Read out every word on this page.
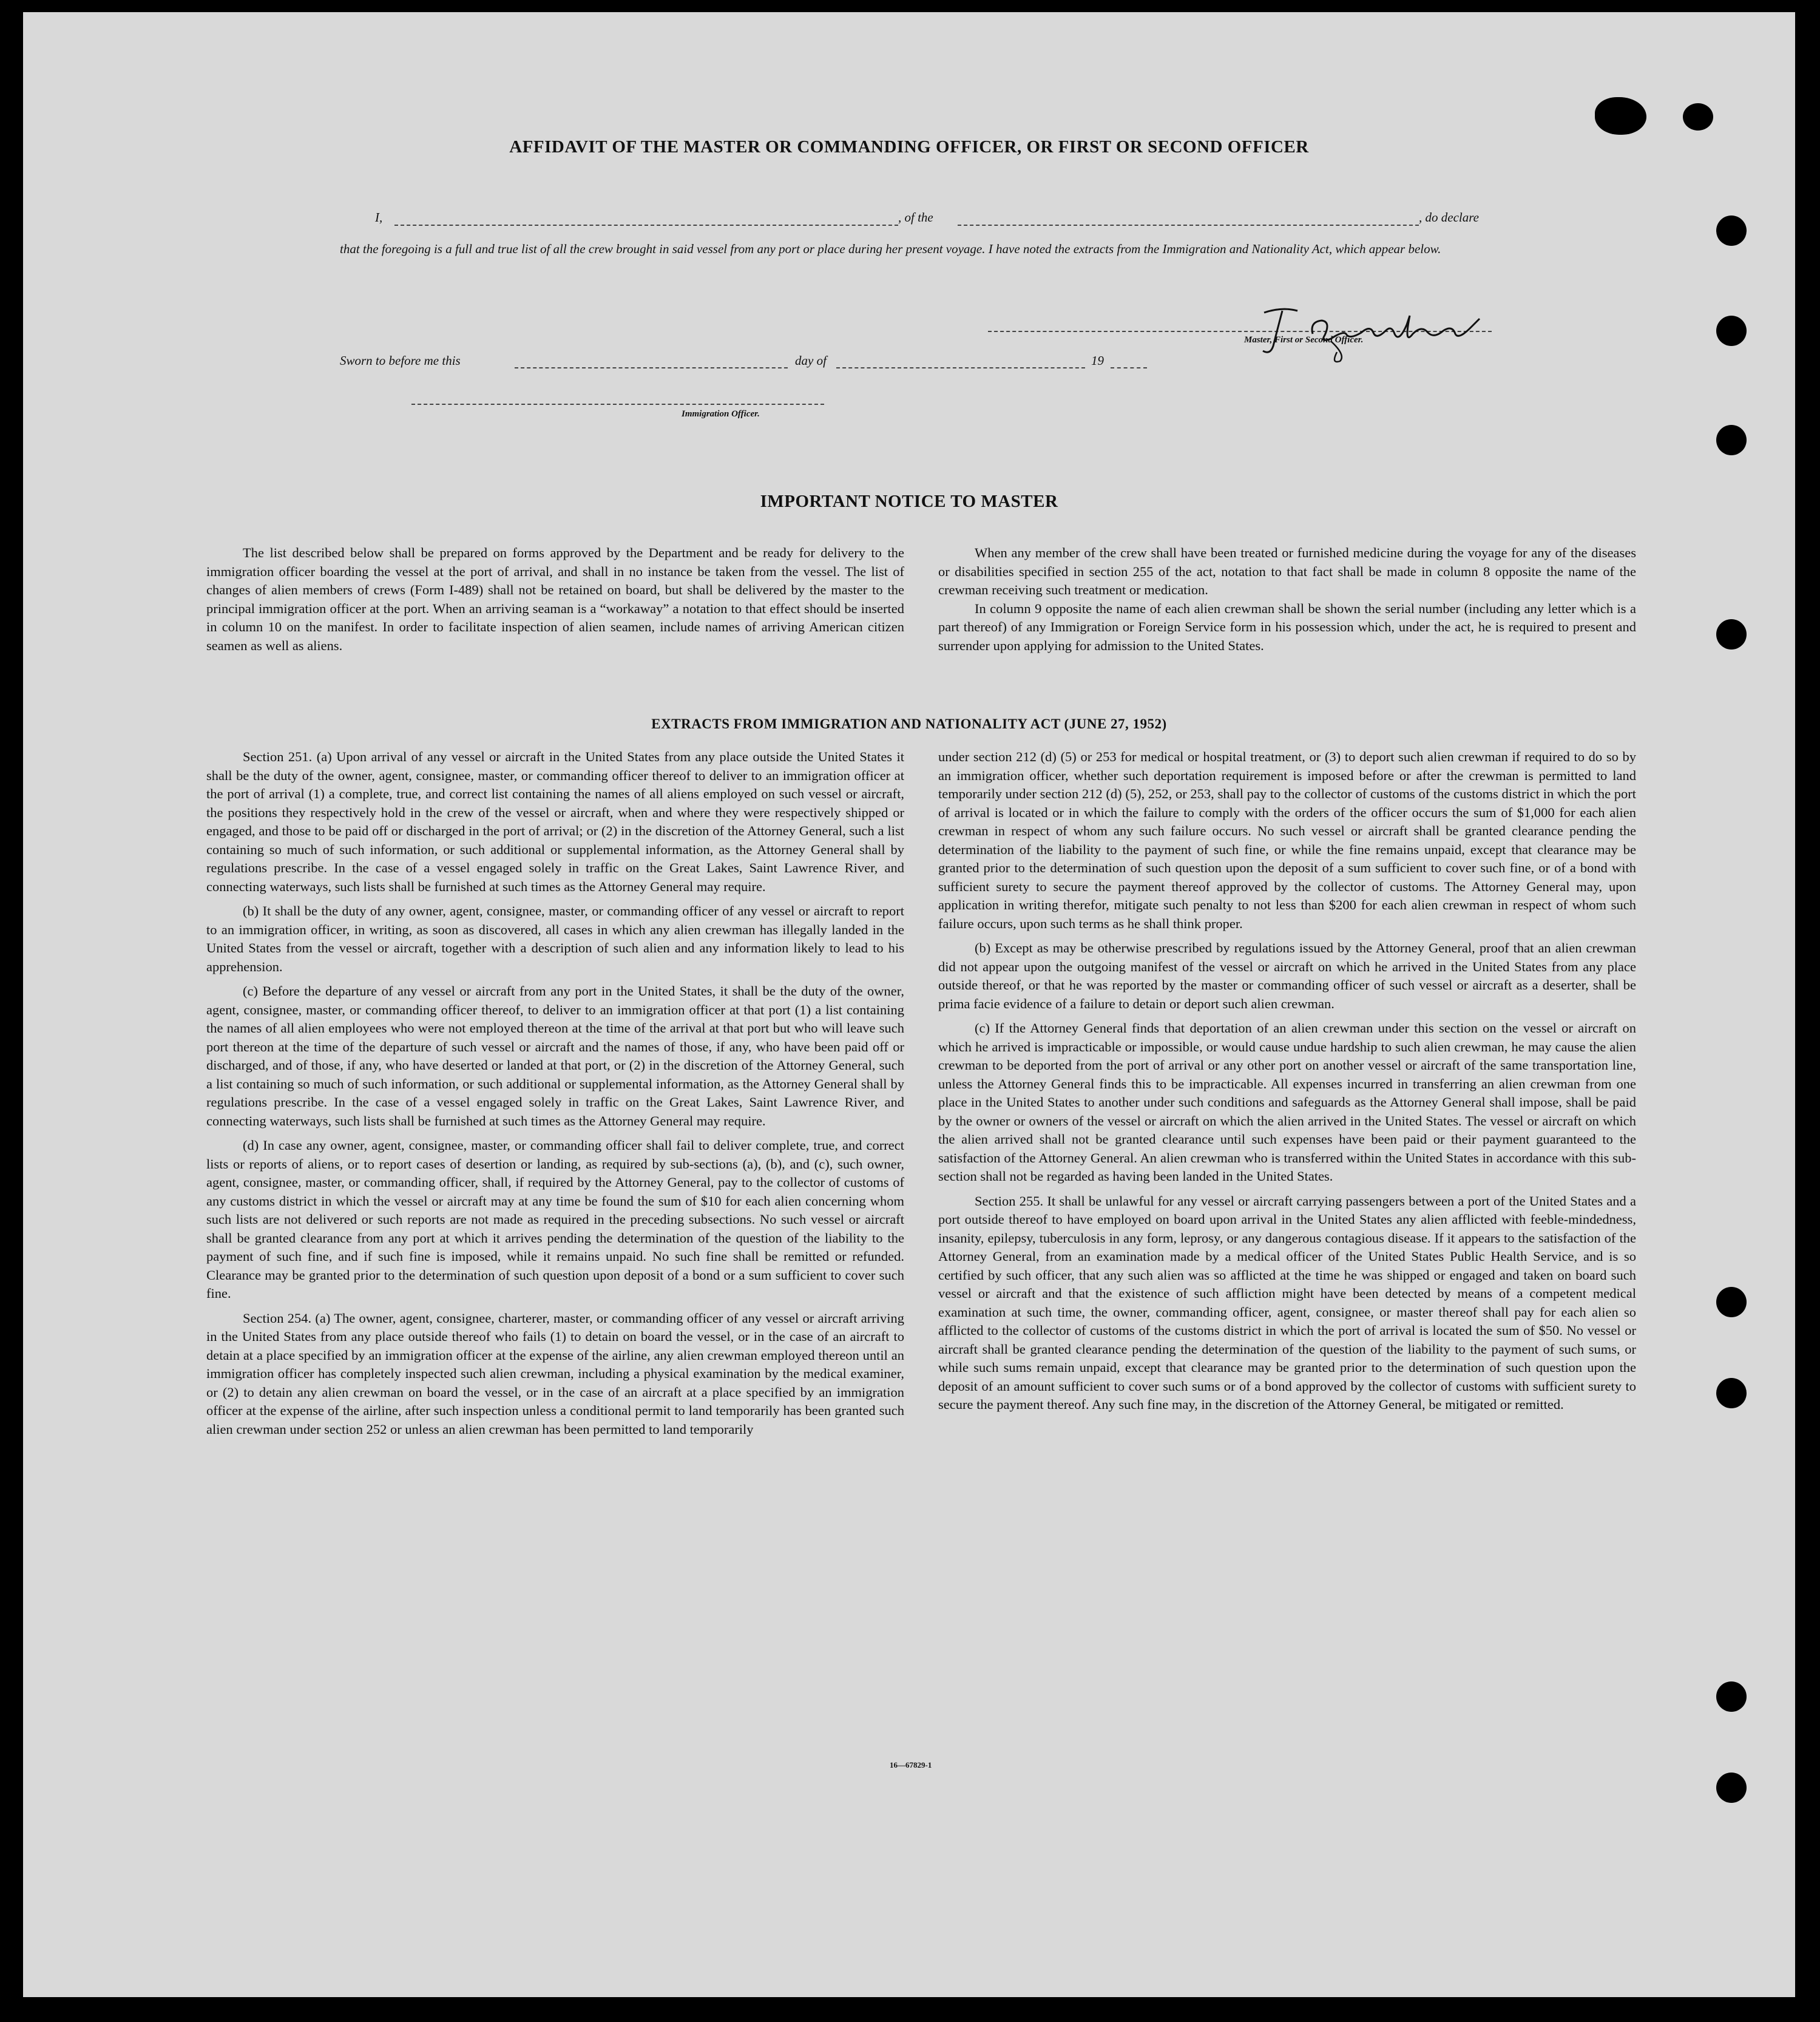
AFFIDAVIT OF THE MASTER OR COMMANDING OFFICER, OR FIRST OR SECOND OFFICER
I,	, of the	, do declare
that the foregoing is a full and true list of all the crew brought in said vessel from any port or place during her present voyage. I have noted the extracts from the Immigration and Nationality Act, which appear below.
Master, First or Second Officer.
Sworn to before me this	day of	19
Immigration Officer.
IMPORTANT NOTICE TO MASTER

The list described below shall be prepared on forms approved by the Department and be ready for delivery to the immigration officer boarding the vessel at the port of arrival, and shall in no instance be taken from the vessel. The list of changes of alien members of crews (Form I-489) shall not be retained on board, but shall be delivered by the master to the principal immigration officer at the port. When an arriving seaman is a “workaway” a notation to that effect should be inserted in column 10 on the manifest. In order to facilitate inspection of alien seamen, include names of arriving American citizen seamen as well as aliens.

When any member of the crew shall have been treated or furnished medicine during the voyage for any of the diseases or disabilities specified in section 255 of the act, notation to that fact shall be made in column 8 opposite the name of the crewman receiving such treatment or medication.

In column 9 opposite the name of each alien crewman shall be shown the serial number (including any letter which is a part thereof) of any Immigration or Foreign Service form in his possession which, under the act, he is required to present and surrender upon applying for admission to the United States.

EXTRACTS FROM IMMIGRATION AND NATIONALITY ACT (JUNE 27, 1952)

Section 251. (a) Upon arrival of any vessel or aircraft in the United States from any place outside the United States it shall be the duty of the owner, agent, consignee, master, or commanding officer thereof to deliver to an immigration officer at the port of arrival (1) a complete, true, and correct list containing the names of all aliens employed on such vessel or aircraft, the positions they respectively hold in the crew of the vessel or aircraft, when and where they were respectively shipped or engaged, and those to be paid off or discharged in the port of arrival; or (2) in the discretion of the Attorney General, such a list containing so much of such information, or such additional or supplemental information, as the Attorney General shall by regulations prescribe. In the case of a vessel engaged solely in traffic on the Great Lakes, Saint Lawrence River, and connecting waterways, such lists shall be furnished at such times as the Attorney General may require.

(b) It shall be the duty of any owner, agent, consignee, master, or commanding officer of any vessel or aircraft to report to an immigration officer, in writing, as soon as discovered, all cases in which any alien crewman has illegally landed in the United States from the vessel or aircraft, together with a description of such alien and any information likely to lead to his apprehension.

(c) Before the departure of any vessel or aircraft from any port in the United States, it shall be the duty of the owner, agent, consignee, master, or commanding officer thereof, to deliver to an immigration officer at that port (1) a list containing the names of all alien employees who were not employed thereon at the time of the arrival at that port but who will leave such port thereon at the time of the departure of such vessel or aircraft and the names of those, if any, who have been paid off or discharged, and of those, if any, who have deserted or landed at that port, or (2) in the discretion of the Attorney General, such a list containing so much of such information, or such additional or supplemental information, as the Attorney General shall by regulations prescribe. In the case of a vessel engaged solely in traffic on the Great Lakes, Saint Lawrence River, and connecting waterways, such lists shall be furnished at such times as the Attorney General may require.

(d) In case any owner, agent, consignee, master, or commanding officer shall fail to deliver complete, true, and correct lists or reports of aliens, or to report cases of desertion or landing, as required by sub-sections (a), (b), and (c), such owner, agent, consignee, master, or commanding officer, shall, if required by the Attorney General, pay to the collector of customs of any customs district in which the vessel or aircraft may at any time be found the sum of $10 for each alien concerning whom such lists are not delivered or such reports are not made as required in the preceding subsections. No such vessel or aircraft shall be granted clearance from any port at which it arrives pending the determination of the question of the liability to the payment of such fine, and if such fine is imposed, while it remains unpaid. No such fine shall be remitted or refunded. Clearance may be granted prior to the determination of such question upon deposit of a bond or a sum sufficient to cover such fine.

Section 254. (a) The owner, agent, consignee, charterer, master, or commanding officer of any vessel or aircraft arriving in the United States from any place outside thereof who fails (1) to detain on board the vessel, or in the case of an aircraft to detain at a place specified by an immigration officer at the expense of the airline, any alien crewman employed thereon until an immigration officer has completely inspected such alien crewman, including a physical examination by the medical examiner, or (2) to detain any alien crewman on board the vessel, or in the case of an aircraft at a place specified by an immigration officer at the expense of the airline, after such inspection unless a conditional permit to land temporarily has been granted such alien crewman under section 252 or unless an alien crewman has been permitted to land temporarily

under section 212 (d) (5) or 253 for medical or hospital treatment, or (3) to deport such alien crewman if required to do so by an immigration officer, whether such deportation requirement is imposed before or after the crewman is permitted to land temporarily under section 212 (d) (5), 252, or 253, shall pay to the collector of customs of the customs district in which the port of arrival is located or in which the failure to comply with the orders of the officer occurs the sum of $1,000 for each alien crewman in respect of whom any such failure occurs. No such vessel or aircraft shall be granted clearance pending the determination of the liability to the payment of such fine, or while the fine remains unpaid, except that clearance may be granted prior to the determination of such question upon the deposit of a sum sufficient to cover such fine, or of a bond with sufficient surety to secure the payment thereof approved by the collector of customs. The Attorney General may, upon application in writing therefor, mitigate such penalty to not less than $200 for each alien crewman in respect of whom such failure occurs, upon such terms as he shall think proper.

(b) Except as may be otherwise prescribed by regulations issued by the Attorney General, proof that an alien crewman did not appear upon the outgoing manifest of the vessel or aircraft on which he arrived in the United States from any place outside thereof, or that he was reported by the master or commanding officer of such vessel or aircraft as a deserter, shall be prima facie evidence of a failure to detain or deport such alien crewman.

(c) If the Attorney General finds that deportation of an alien crewman under this section on the vessel or aircraft on which he arrived is impracticable or impossible, or would cause undue hardship to such alien crewman, he may cause the alien crewman to be deported from the port of arrival or any other port on another vessel or aircraft of the same transportation line, unless the Attorney General finds this to be impracticable. All expenses incurred in transferring an alien crewman from one place in the United States to another under such conditions and safeguards as the Attorney General shall impose, shall be paid by the owner or owners of the vessel or aircraft on which the alien arrived in the United States. The vessel or aircraft on which the alien arrived shall not be granted clearance until such expenses have been paid or their payment guaranteed to the satisfaction of the Attorney General. An alien crewman who is transferred within the United States in accordance with this sub-section shall not be regarded as having been landed in the United States.

Section 255. It shall be unlawful for any vessel or aircraft carrying passengers between a port of the United States and a port outside thereof to have employed on board upon arrival in the United States any alien afflicted with feeble-mindedness, insanity, epilepsy, tuberculosis in any form, leprosy, or any dangerous contagious disease. If it appears to the satisfaction of the Attorney General, from an examination made by a medical officer of the United States Public Health Service, and is so certified by such officer, that any such alien was so afflicted at the time he was shipped or engaged and taken on board such vessel or aircraft and that the existence of such affliction might have been detected by means of a competent medical examination at such time, the owner, commanding officer, agent, consignee, or master thereof shall pay for each alien so afflicted to the collector of customs of the customs district in which the port of arrival is located the sum of $50. No vessel or aircraft shall be granted clearance pending the determination of the question of the liability to the payment of such sums, or while such sums remain unpaid, except that clearance may be granted prior to the determination of such question upon the deposit of an amount sufficient to cover such sums or of a bond approved by the collector of customs with sufficient surety to secure the payment thereof. Any such fine may, in the discretion of the Attorney General, be mitigated or remitted.

16—67829-1
